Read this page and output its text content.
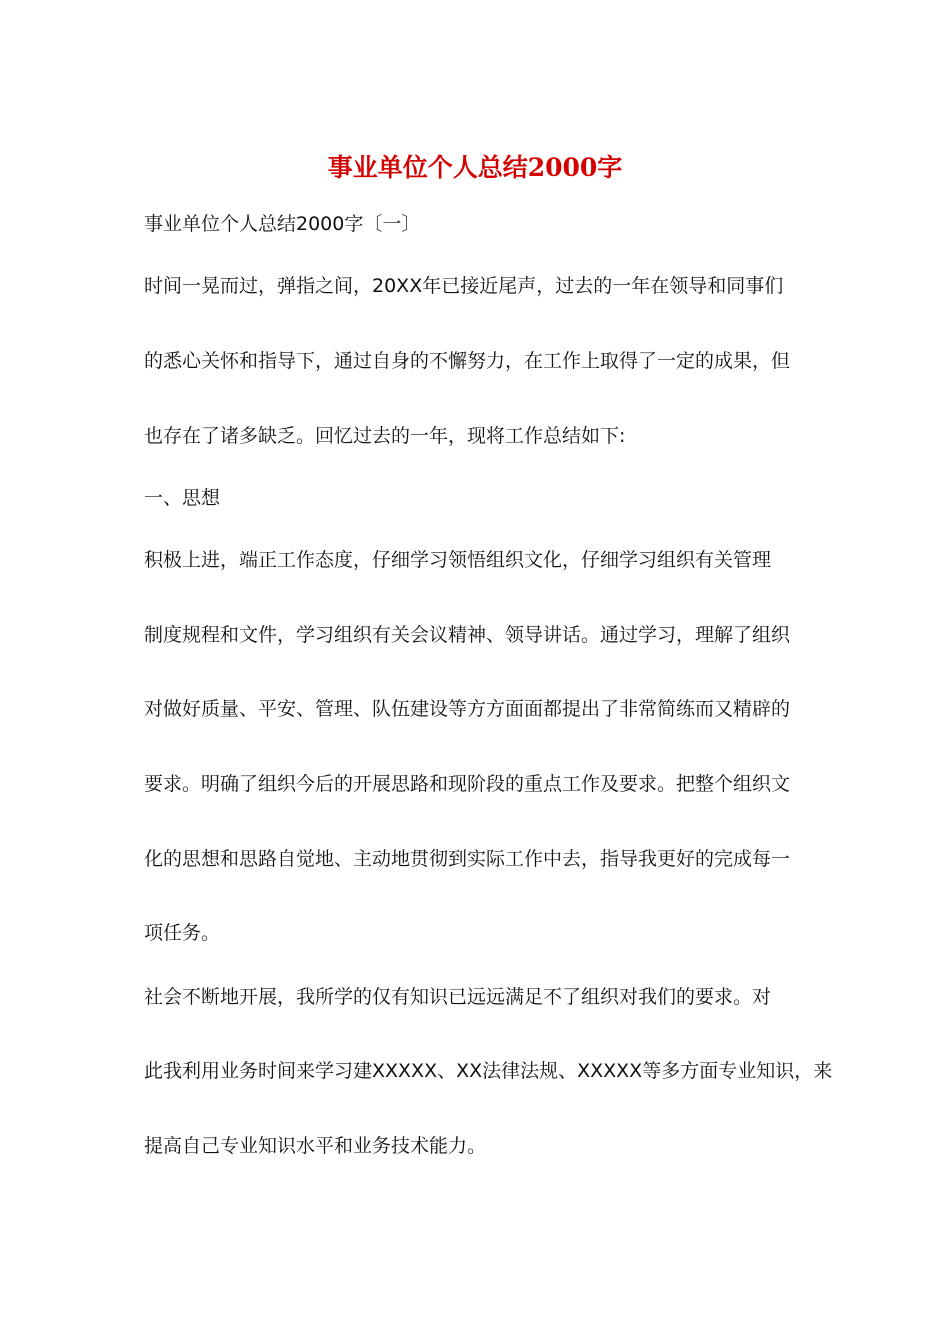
事业单位个人总结2000字

事业单位个人总结2000字〔一〕

时间一晃而过，弹指之间，20XX年已接近尾声，过去的一年在领导和同事们

的悉心关怀和指导下，通过自身的不懈努力，在工作上取得了一定的成果，但

也存在了诸多缺乏。回忆过去的一年，现将工作总结如下:

一、思想

积极上进，端正工作态度，仔细学习领悟组织文化，仔细学习组织有关管理

制度规程和文件，学习组织有关会议精神、领导讲话。通过学习，理解了组织

对做好质量、平安、管理、队伍建设等方方面面都提出了非常简练而又精辟的

要求。明确了组织今后的开展思路和现阶段的重点工作及要求。把整个组织文

化的思想和思路自觉地、主动地贯彻到实际工作中去，指导我更好的完成每一

项任务。

社会不断地开展，我所学的仅有知识已远远满足不了组织对我们的要求。对

此我利用业务时间来学习建XXXXX、XX法律法规、XXXXX等多方面专业知识，来

提高自己专业知识水平和业务技术能力。
